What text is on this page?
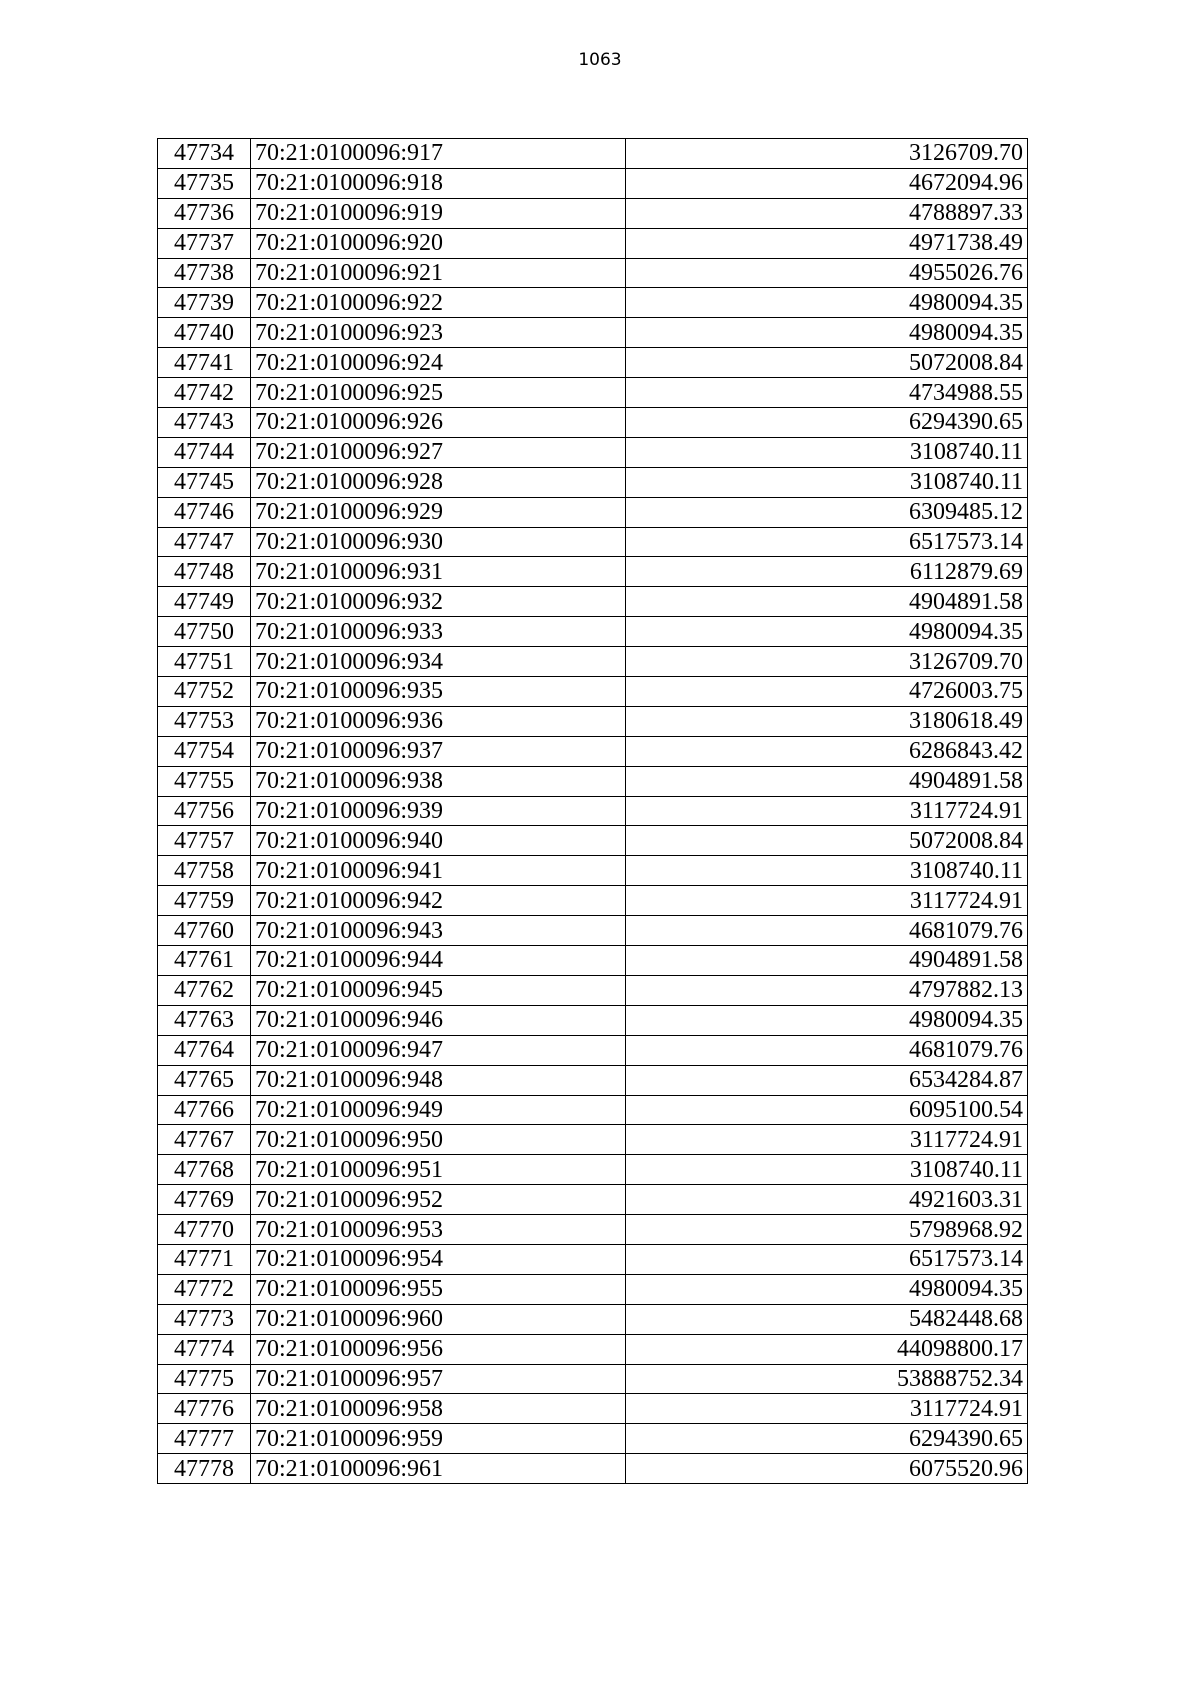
1063
47734	70:21:0100096:917	3126709.70
47735	70:21:0100096:918	4672094.96
47736	70:21:0100096:919	4788897.33
47737	70:21:0100096:920	4971738.49
47738	70:21:0100096:921	4955026.76
47739	70:21:0100096:922	4980094.35
47740	70:21:0100096:923	4980094.35
47741	70:21:0100096:924	5072008.84
47742	70:21:0100096:925	4734988.55
47743	70:21:0100096:926	6294390.65
47744	70:21:0100096:927	3108740.11
47745	70:21:0100096:928	3108740.11
47746	70:21:0100096:929	6309485.12
47747	70:21:0100096:930	6517573.14
47748	70:21:0100096:931	6112879.69
47749	70:21:0100096:932	4904891.58
47750	70:21:0100096:933	4980094.35
47751	70:21:0100096:934	3126709.70
47752	70:21:0100096:935	4726003.75
47753	70:21:0100096:936	3180618.49
47754	70:21:0100096:937	6286843.42
47755	70:21:0100096:938	4904891.58
47756	70:21:0100096:939	3117724.91
47757	70:21:0100096:940	5072008.84
47758	70:21:0100096:941	3108740.11
47759	70:21:0100096:942	3117724.91
47760	70:21:0100096:943	4681079.76
47761	70:21:0100096:944	4904891.58
47762	70:21:0100096:945	4797882.13
47763	70:21:0100096:946	4980094.35
47764	70:21:0100096:947	4681079.76
47765	70:21:0100096:948	6534284.87
47766	70:21:0100096:949	6095100.54
47767	70:21:0100096:950	3117724.91
47768	70:21:0100096:951	3108740.11
47769	70:21:0100096:952	4921603.31
47770	70:21:0100096:953	5798968.92
47771	70:21:0100096:954	6517573.14
47772	70:21:0100096:955	4980094.35
47773	70:21:0100096:960	5482448.68
47774	70:21:0100096:956	44098800.17
47775	70:21:0100096:957	53888752.34
47776	70:21:0100096:958	3117724.91
47777	70:21:0100096:959	6294390.65
47778	70:21:0100096:961	6075520.96
